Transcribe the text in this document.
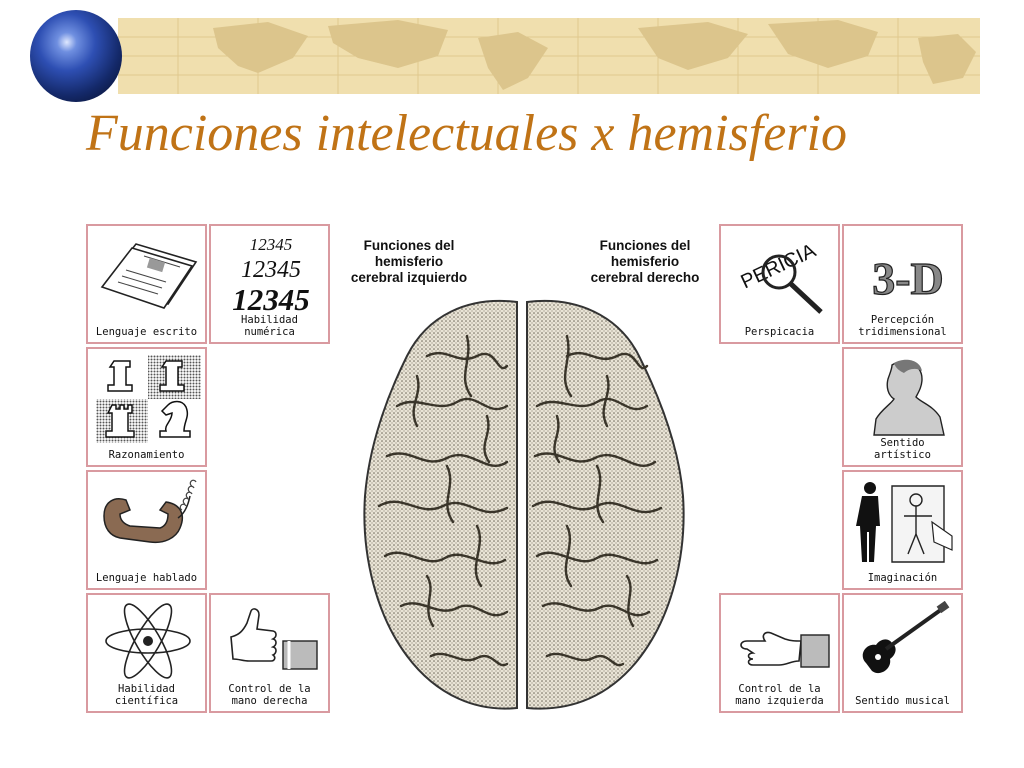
Funciones intelectuales x hemisferio
Funciones del
hemisferio
cerebral izquierdo
Funciones del
hemisferio
cerebral derecho
Lenguaje escrito
12345
12345
12345
Habilidad
numérica
Razonamiento
Lenguaje hablado
Habilidad
científica
Control de la
mano derecha
PERICIA
Perspicacia
3-D
Percepción
tridimensional
Sentido
artístico
Imaginación
Control de la
mano izquierda	Sentido musical
